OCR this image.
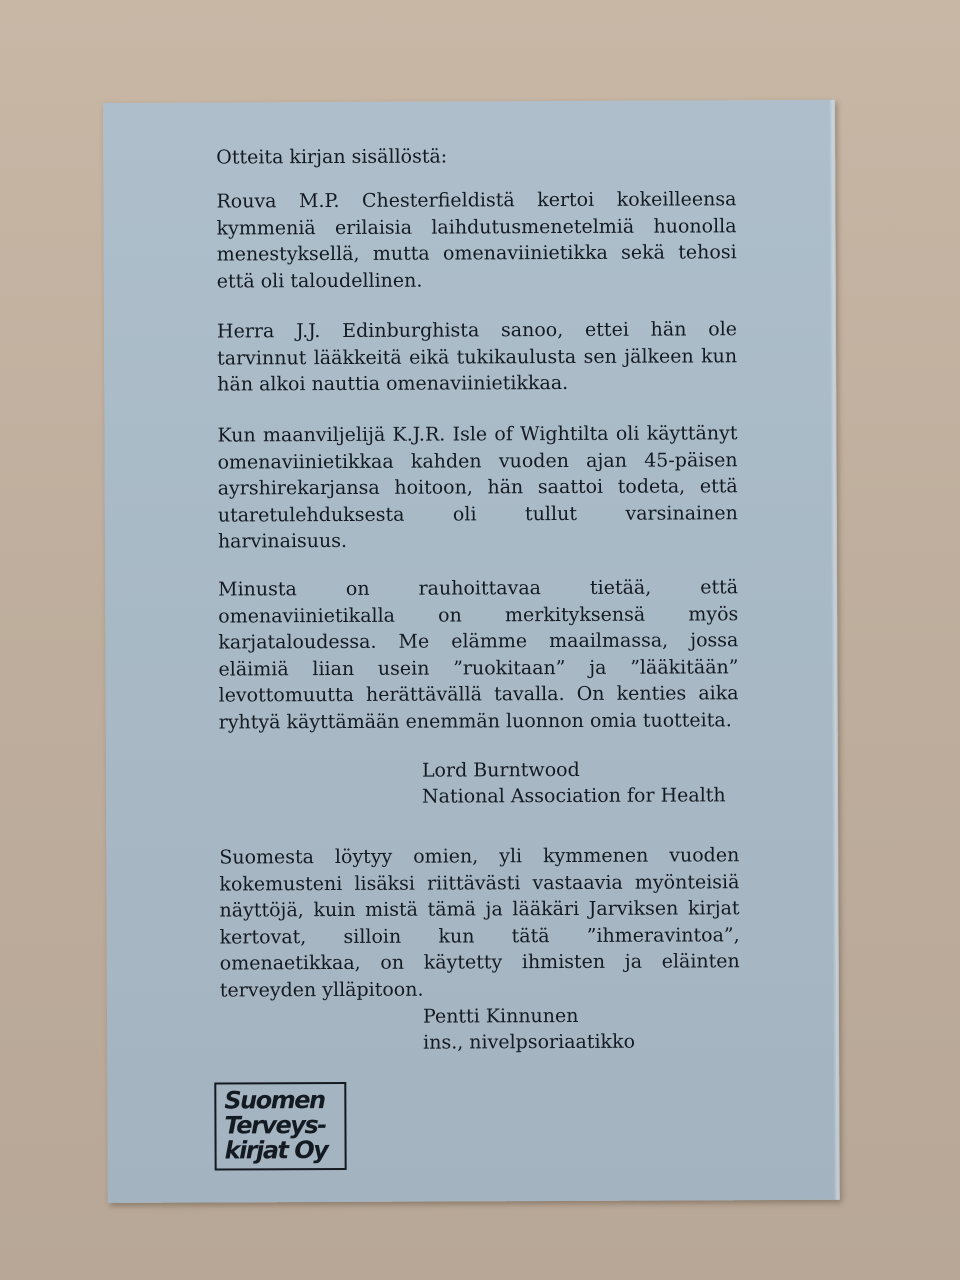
Otteita kirjan sisällöstä:

Rouva M.P. Chesterfieldistä kertoi kokeilleensa kymmeniä erilaisia laihdutusmenetelmiä huonolla menestyksellä, mutta omenaviinietikka sekä tehosi että oli taloudellinen.

Herra J.J. Edinburghista sanoo, ettei hän ole tarvinnut lääkkeitä eikä tukikaulusta sen jälkeen kun hän alkoi nauttia omenaviinietikkaa.

Kun maanviljelijä K.J.R. Isle of Wightilta oli käyttänyt omenaviinietikkaa kahden vuoden ajan 45-päisen ayrshirekarjansa hoitoon, hän saattoi todeta, että utaretulehduksesta oli tullut varsinainen harvinaisuus.

Minusta on rauhoittavaa tietää, että omenaviinietikalla on merkityksensä myös karjataloudessa. Me elämme maailmassa, jossa eläimiä liian usein ”ruokitaan” ja ”lääkitään” levottomuutta herättävällä tavalla. On kenties aika ryhtyä käyttämään enemmän luonnon omia tuotteita.

Lord Burntwood
National Association for Health

Suomesta löytyy omien, yli kymmenen vuoden kokemusteni lisäksi riittävästi vastaavia myönteisiä näyttöjä, kuin mistä tämä ja lääkäri Jarviksen kirjat kertovat, silloin kun tätä ”ihmeravintoa”, omenaetikkaa, on käytetty ihmisten ja eläinten terveyden ylläpitoon.

Pentti Kinnunen
ins., nivelpsoriaatikko
Suomen
Terveys-
kirjat Oy
